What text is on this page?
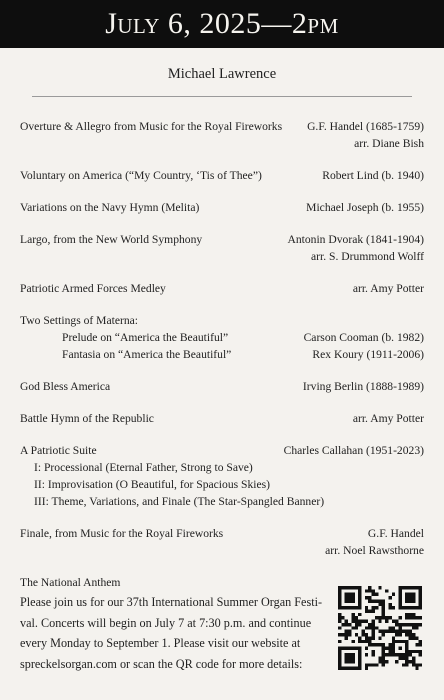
July 6, 2025—2pm
Michael Lawrence
Overture & Allegro from Music for the Royal Fireworks G.F. Handel (1685-1759)
arr. Diane Bish
Voluntary on America (“My Country, ‘Tis of Thee”)	Robert Lind (b. 1940)
Variations on the Navy Hymn (Melita)	Michael Joseph (b. 1955)
Largo, from the New World Symphony	Antonin Dvorak (1841-1904)
arr. S. Drummond Wolff
Patriotic Armed Forces Medley	arr. Amy Potter
Two Settings of Materna:
Prelude on “America the Beautiful”	Carson Cooman (b. 1982)
Fantasia on “America the Beautiful”	Rex Koury (1911-2006)
God Bless America	Irving Berlin (1888-1989)
Battle Hymn of the Republic	arr. Amy Potter
A Patriotic Suite	Charles Callahan (1951-2023)
I: Processional (Eternal Father, Strong to Save)
II: Improvisation (O Beautiful, for Spacious Skies)
III: Theme, Variations, and Finale (The Star-Spangled Banner)
Finale, from Music for the Royal Fireworks	G.F. Handel
arr. Noel Rawsthorne
The National Anthem
Please join us for our 37th International Summer Organ Festi-
val. Concerts will begin on July 7 at 7:30 p.m. and continue
every Monday to September 1. Please visit our website at
spreckelsorgan.com or scan the QR code for more details:
